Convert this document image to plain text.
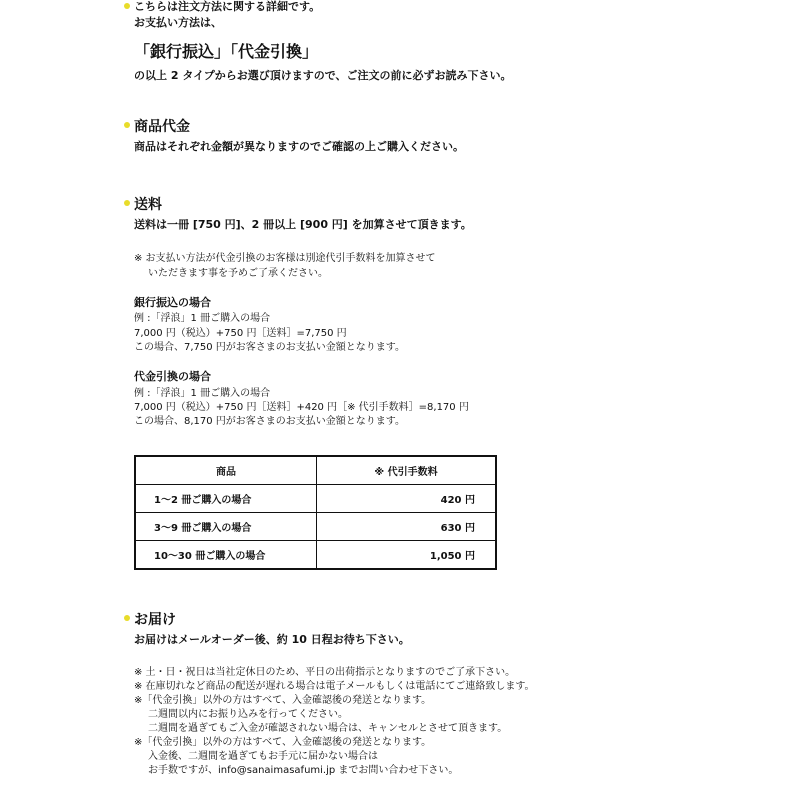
こちらは注文方法に関する詳細です。
お支払い方法は、
「銀行振込」「代金引換」
の以上 2 タイプからお選び頂けますので、ご注文の前に必ずお読み下さい。
商品代金
商品はそれぞれ金額が異なりますのでご確認の上ご購入ください。
送料
送料は一冊 [750 円]、2 冊以上 [900 円] を加算させて頂きます。
※ お支払い方法が代金引換のお客様は別途代引手数料を加算させて
いただきます事を予めご了承ください。
銀行振込の場合
例 :「浮浪」1 冊ご購入の場合
7,000 円（税込）+750 円［送料］=7,750 円
この場合、7,750 円がお客さまのお支払い金額となります。
代金引換の場合
例 :「浮浪」1 冊ご購入の場合
7,000 円（税込）+750 円［送料］+420 円［※ 代引手数料］=8,170 円
この場合、8,170 円がお客さまのお支払い金額となります。
商品	※ 代引手数料
1〜2 冊ご購入の場合	420 円
3〜9 冊ご購入の場合	630 円
10〜30 冊ご購入の場合	1,050 円
お届け
お届けはメールオーダー後、約 10 日程お待ち下さい。
※ 土・日・祝日は当社定休日のため、平日の出荷指示となりますのでご了承下さい。
※ 在庫切れなど商品の配送が遅れる場合は電子メールもしくは電話にてご連絡致します。
※「代金引換」以外の方はすべて、入金確認後の発送となります。
二週間以内にお振り込みを行ってください。
二週間を過ぎてもご入金が確認されない場合は、キャンセルとさせて頂きます。
※「代金引換」以外の方はすべて、入金確認後の発送となります。
入金後、二週間を過ぎてもお手元に届かない場合は
お手数ですが、info@sanaimasafumi.jp までお問い合わせ下さい。
